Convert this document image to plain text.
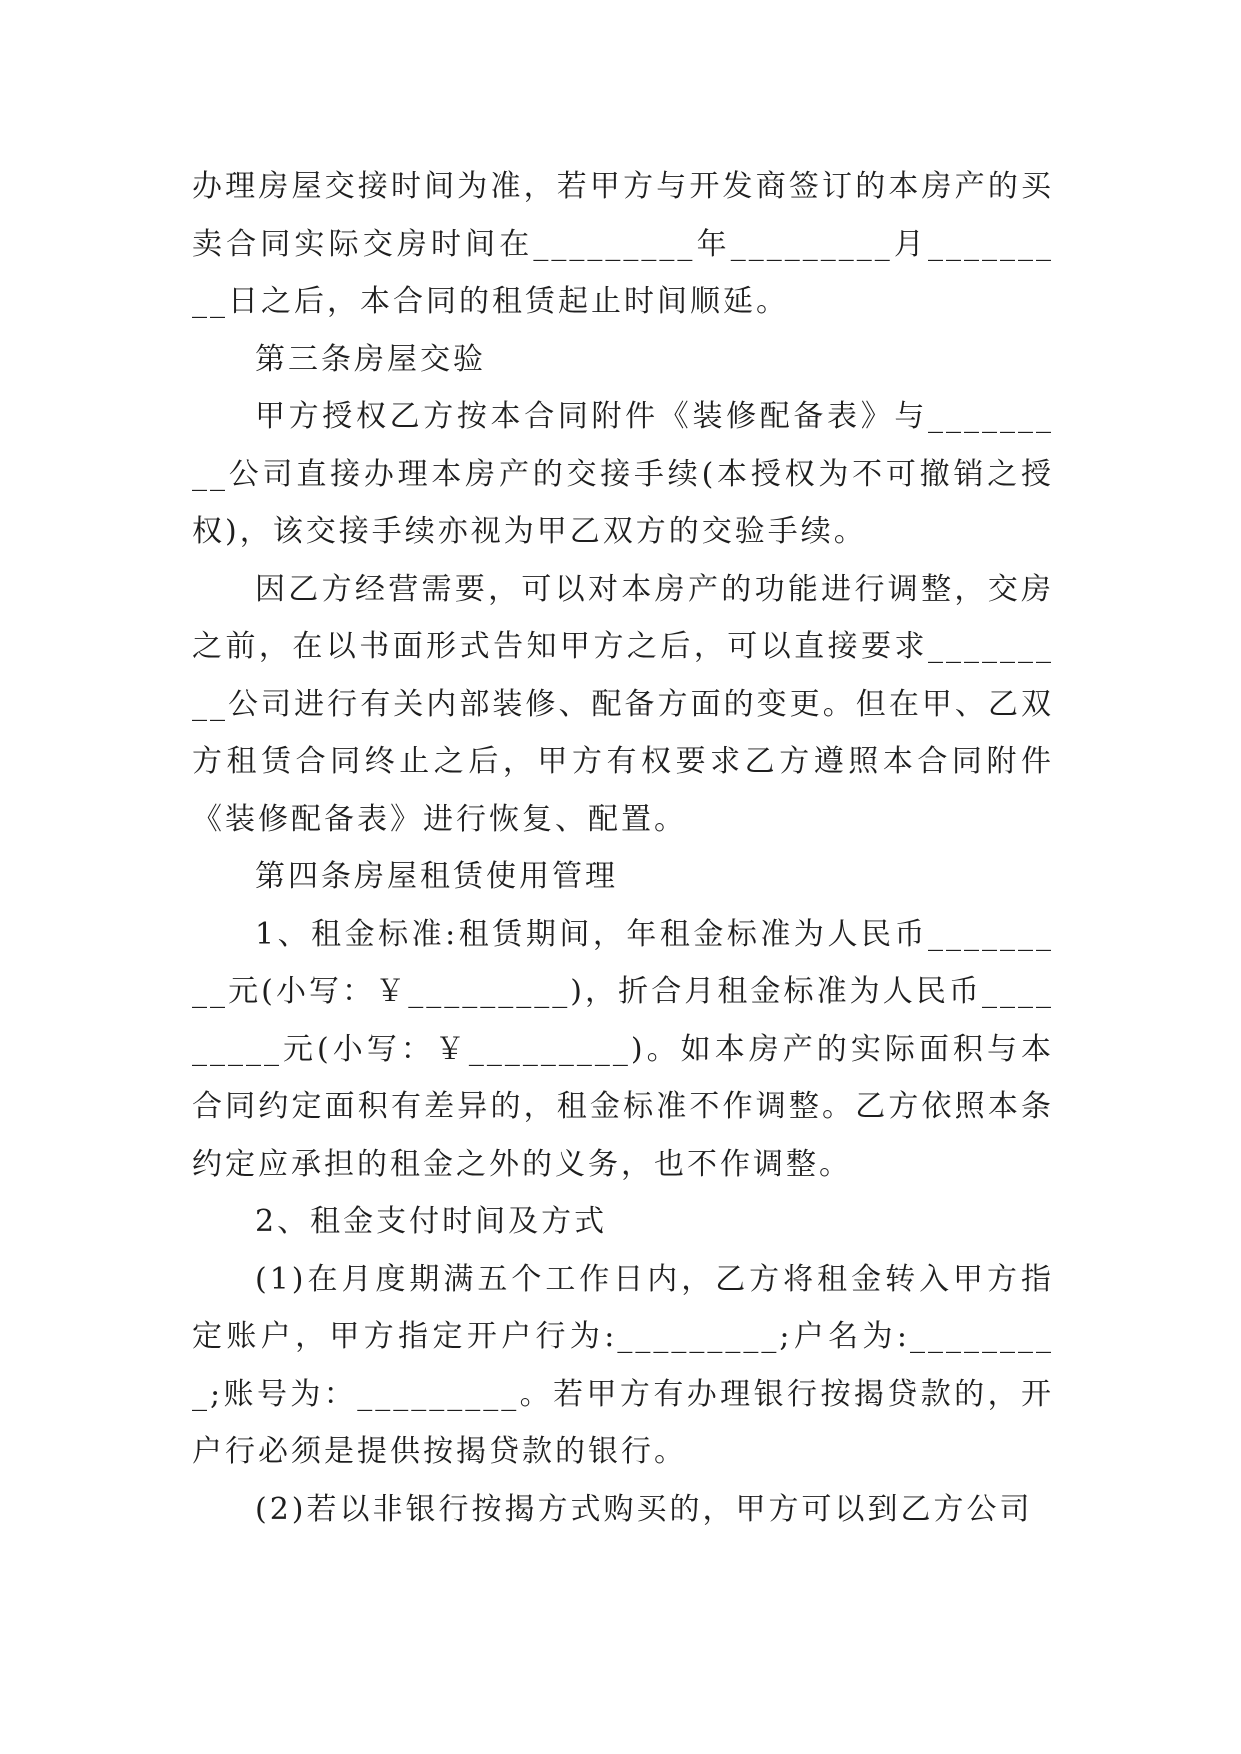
办理房屋交接时间为准，若甲方与开发商签订的本房产的买卖合同实际交房时间在_________年_________月_________日之后，本合同的租赁起止时间顺延。

第三条房屋交验

甲方授权乙方按本合同附件《装修配备表》与_________公司直接办理本房产的交接手续(本授权为不可撤销之授权)，该交接手续亦视为甲乙双方的交验手续。

因乙方经营需要，可以对本房产的功能进行调整，交房之前，在以书面形式告知甲方之后，可以直接要求_________公司进行有关内部装修、配备方面的变更。但在甲、乙双方租赁合同终止之后，甲方有权要求乙方遵照本合同附件《装修配备表》进行恢复、配置。

第四条房屋租赁使用管理

1、租金标准:租赁期间，年租金标准为人民币_________元(小写：￥_________)，折合月租金标准为人民币_________元(小写：￥_________)。如本房产的实际面积与本合同约定面积有差异的，租金标准不作调整。乙方依照本条约定应承担的租金之外的义务，也不作调整。

2、租金支付时间及方式

(1)在月度期满五个工作日内，乙方将租金转入甲方指定账户，甲方指定开户行为:_________;户名为:_________;账号为：_________。若甲方有办理银行按揭贷款的，开户行必须是提供按揭贷款的银行。

(2)若以非银行按揭方式购买的，甲方可以到乙方公司
